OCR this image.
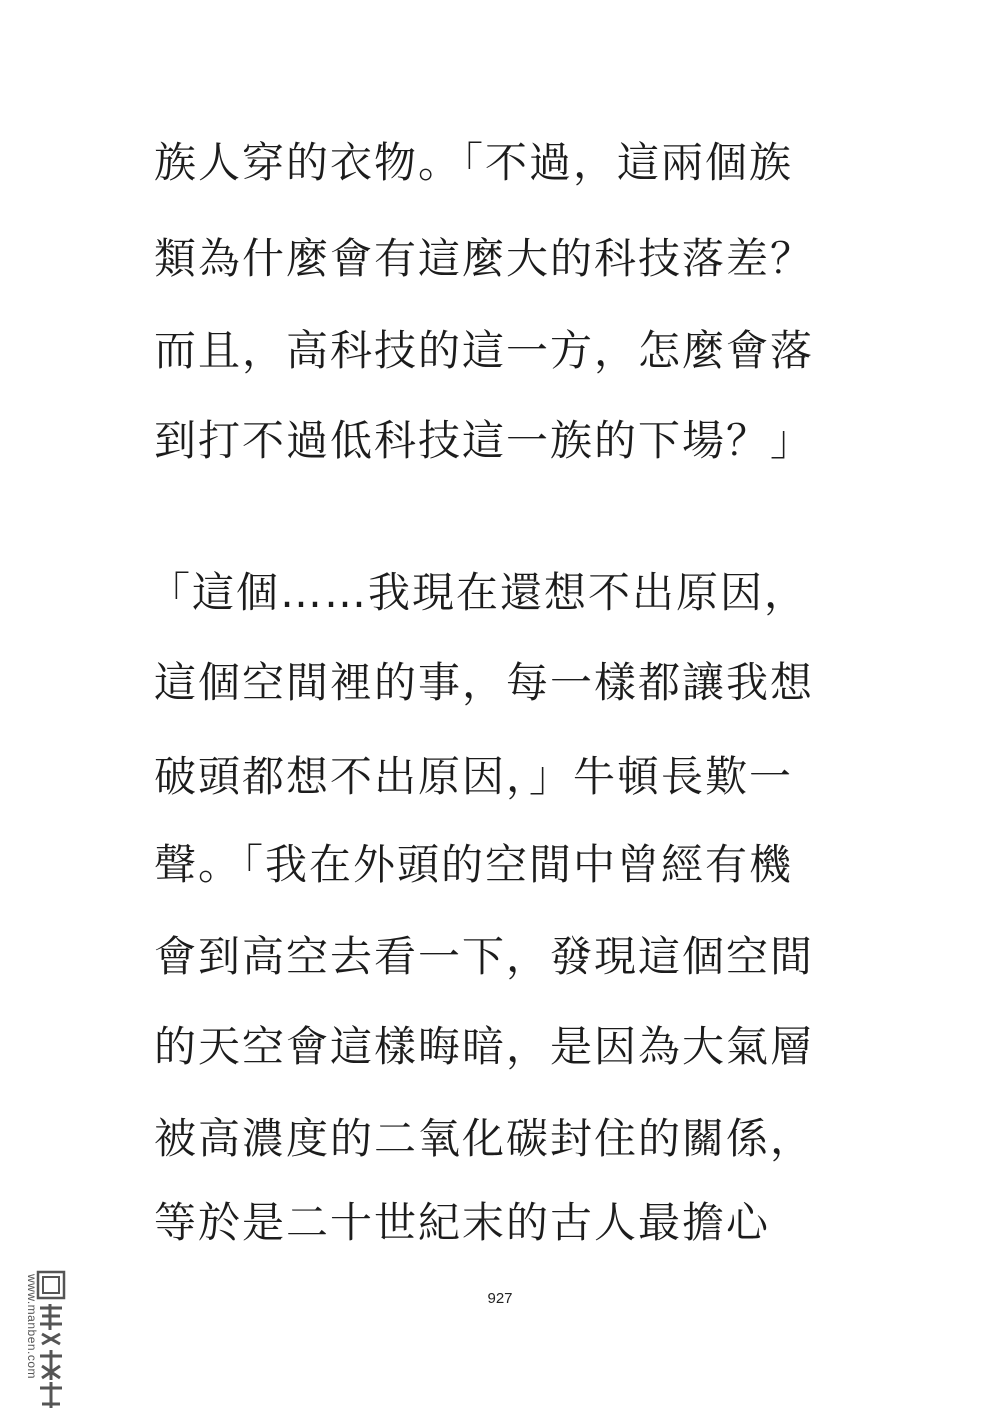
族人穿的衣物。「不過，這兩個族
類為什麼會有這麼大的科技落差？
而且，高科技的這一方，怎麼會落
到打不過低科技這一族的下場？」
「這個……我現在還想不出原因，
這個空間裡的事，每一樣都讓我想
破頭都想不出原因，」牛頓長歎一
聲。「我在外頭的空間中曾經有機
會到高空去看一下，發現這個空間
的天空會這樣晦暗，是因為大氣層
被高濃度的二氧化碳封住的關係，
等於是二十世紀末的古人最擔心
927
www.manben.com
